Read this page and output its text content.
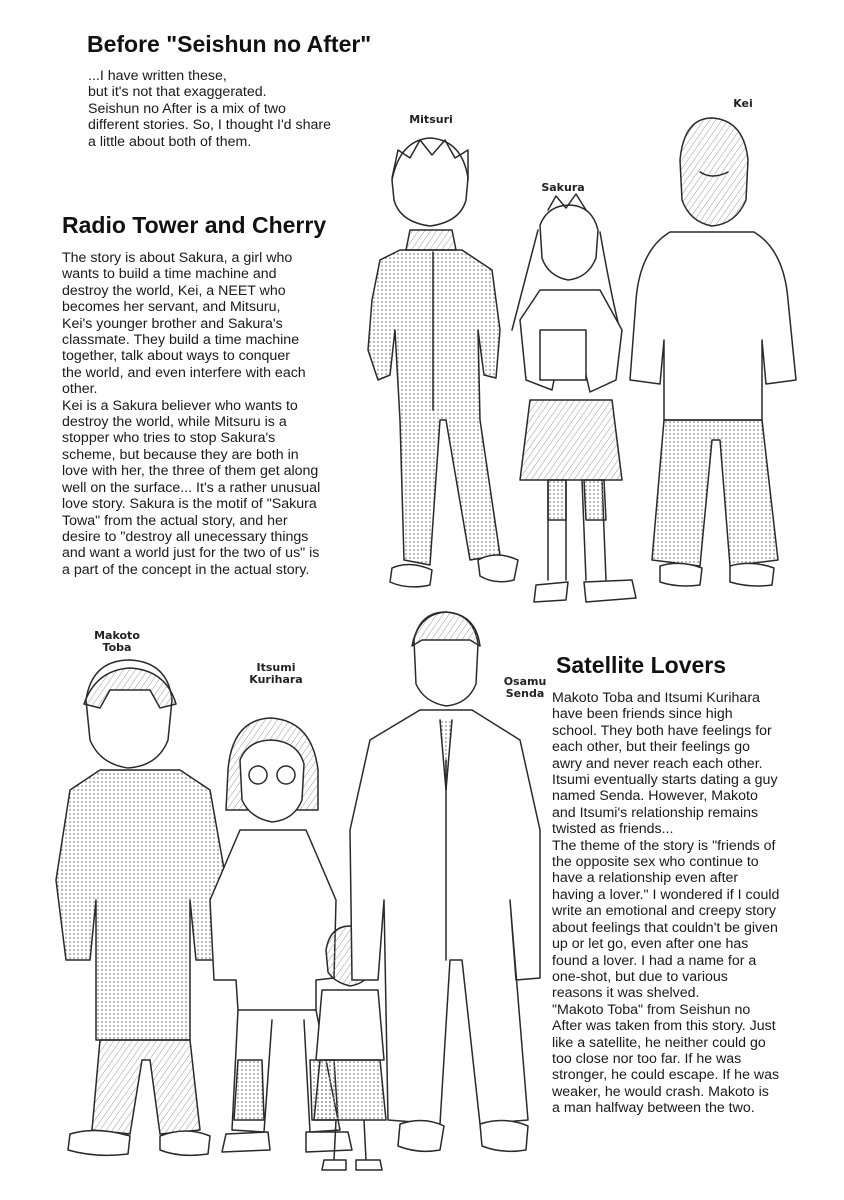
Before "Seishun no After"

...I have written these,
but it's not that exaggerated.
Seishun no After is a mix of two
different stories. So, I thought I'd share
a little about both of them.

Radio Tower and Cherry

The story is about Sakura, a girl who
wants to build a time machine and
destroy the world, Kei, a NEET who
becomes her servant, and Mitsuru,
Kei's younger brother and Sakura's
classmate. They build a time machine
together, talk about ways to conquer
the world, and even interfere with each
other.
Kei is a Sakura believer who wants to
destroy the world, while Mitsuru is a
stopper who tries to stop Sakura's
scheme, but because they are both in
love with her, the three of them get along
well on the surface... It's a rather unusual
love story. Sakura is the motif of "Sakura
Towa" from the actual story, and her
desire to "destroy all unecessary things
and want a world just for the two of us" is
a part of the concept in the actual story.

Satellite Lovers

Makoto Toba and Itsumi Kurihara
have been friends since high
school. They both have feelings for
each other, but their feelings go
awry and never reach each other.
Itsumi eventually starts dating a guy
named Senda. However, Makoto
and Itsumi's relationship remains
twisted as friends...
The theme of the story is "friends of
the opposite sex who continue to
have a relationship even after
having a lover." I wondered if I could
write an emotional and creepy story
about feelings that couldn't be given
up or let go, even after one has
found a lover. I had a name for a
one-shot, but due to various
reasons it was shelved.
"Makoto Toba" from Seishun no
After was taken from this story. Just
like a satellite, he neither could go
too close nor too far. If he was
stronger, he could escape. If he was
weaker, he would crash. Makoto is
a man halfway between the two.

Mitsuri
Sakura
Kei
Makoto
Toba
Itsumi
Kurihara	Osamu
Senda
